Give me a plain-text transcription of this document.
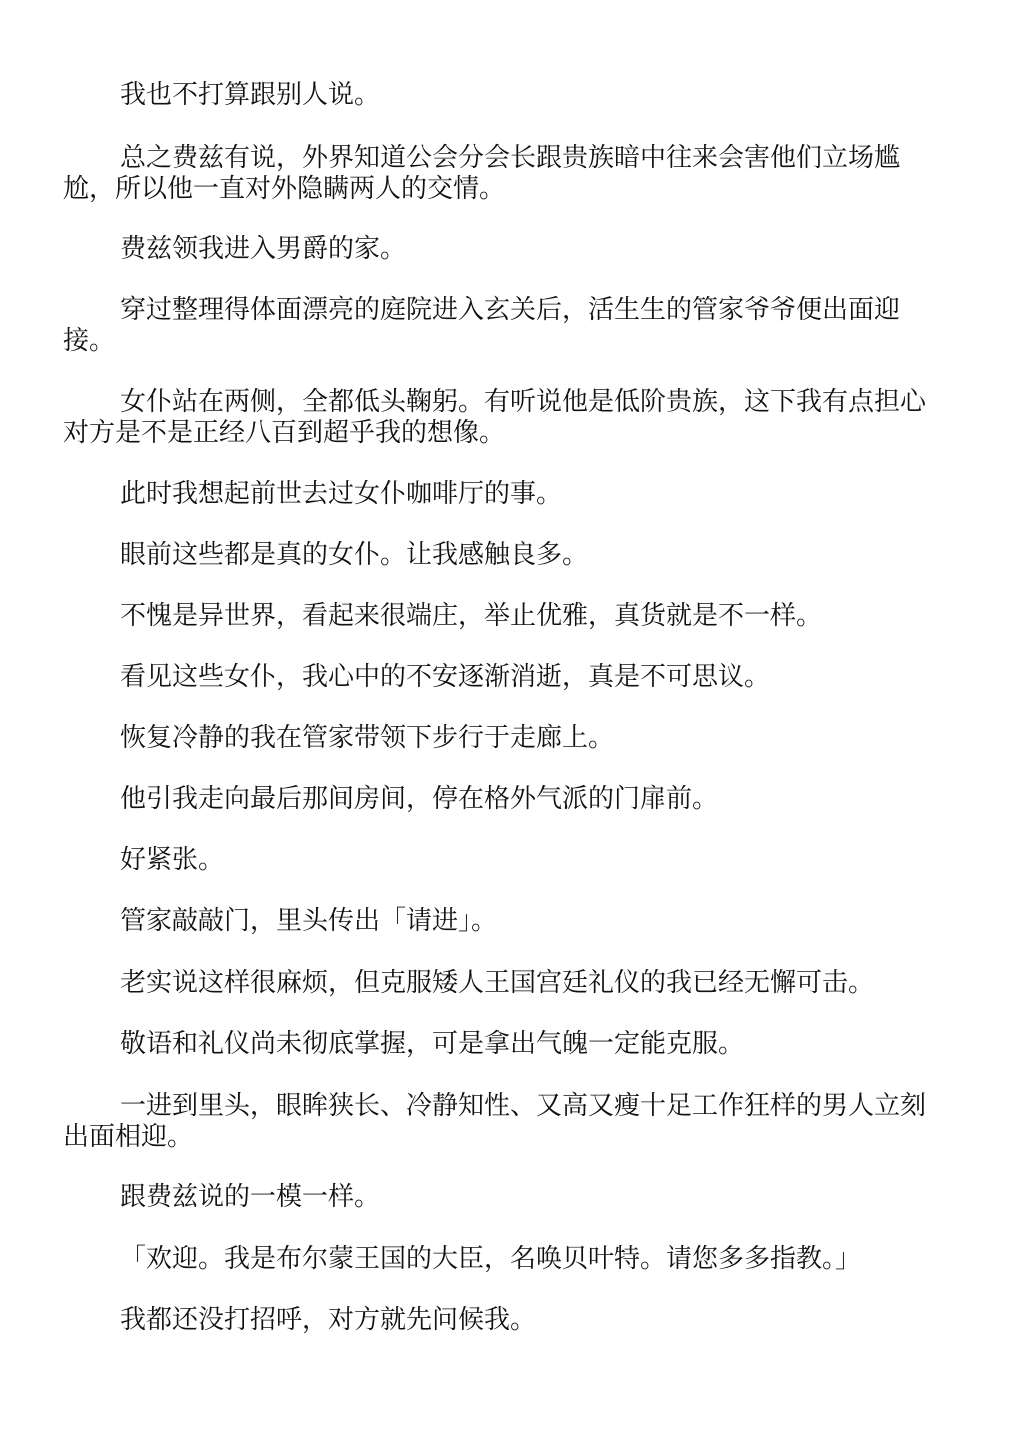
我也不打算跟别人说。

总之费兹有说，外界知道公会分会长跟贵族暗中往来会害他们立场尴尬，所以他一直对外隐瞒两人的交情。

费兹领我进入男爵的家。

穿过整理得体面漂亮的庭院进入玄关后，活生生的管家爷爷便出面迎接。

女仆站在两侧，全都低头鞠躬。有听说他是低阶贵族，这下我有点担心对方是不是正经八百到超乎我的想像。

此时我想起前世去过女仆咖啡厅的事。

眼前这些都是真的女仆。让我感触良多。

不愧是异世界，看起来很端庄，举止优雅，真货就是不一样。

看见这些女仆，我心中的不安逐渐消逝，真是不可思议。

恢复冷静的我在管家带领下步行于走廊上。

他引我走向最后那间房间，停在格外气派的门扉前。

好紧张。

管家敲敲门，里头传出「请进」。

老实说这样很麻烦，但克服矮人王国宫廷礼仪的我已经无懈可击。

敬语和礼仪尚未彻底掌握，可是拿出气魄一定能克服。

一进到里头，眼眸狭长、冷静知性、又高又瘦十足工作狂样的男人立刻出面相迎。

跟费兹说的一模一样。

「欢迎。我是布尔蒙王国的大臣，名唤贝叶特。请您多多指教。」

我都还没打招呼，对方就先问候我。
